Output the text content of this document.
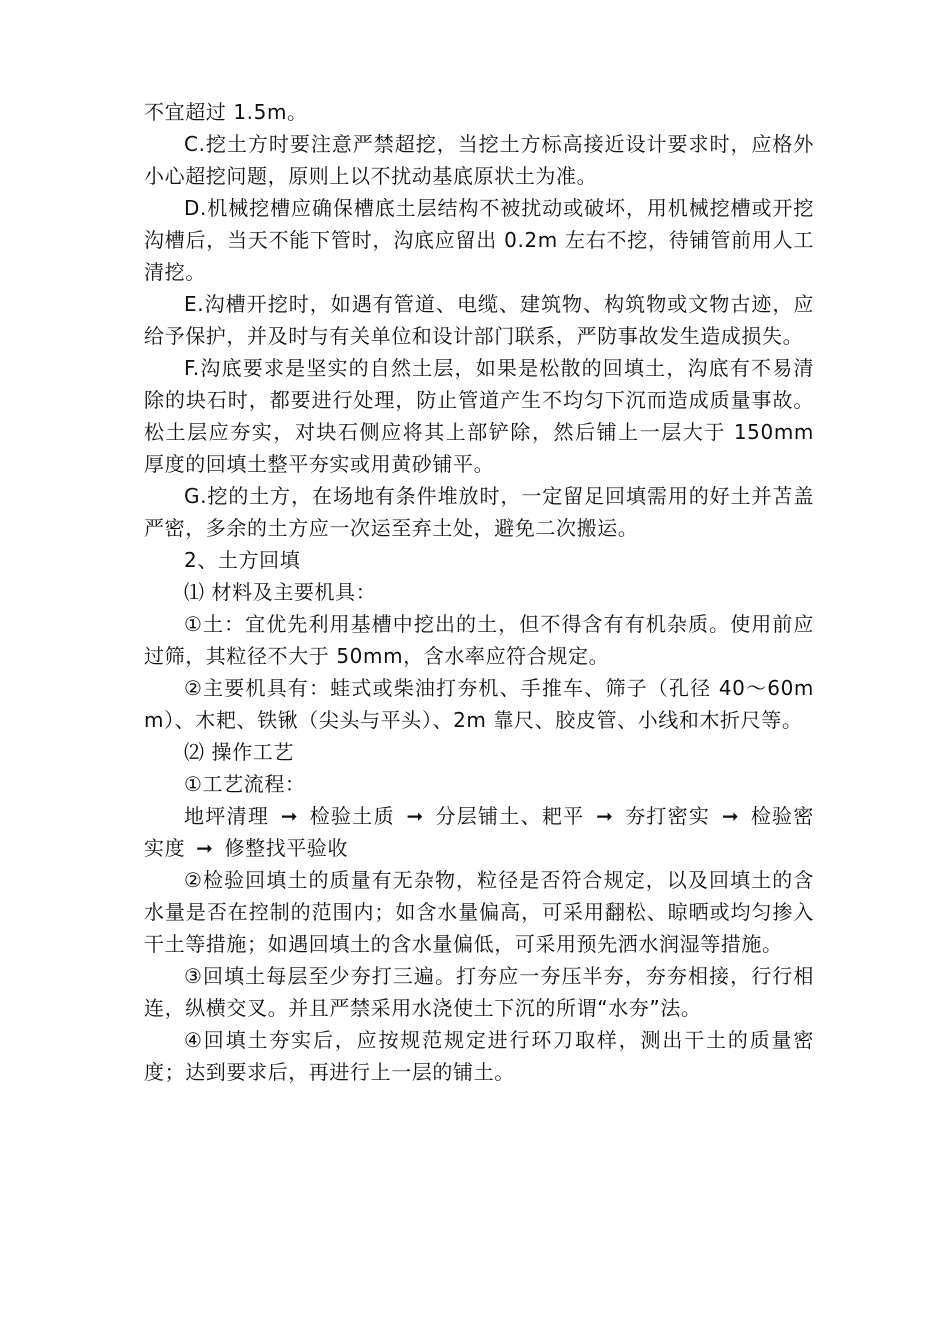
不宜超过 1.5m。

C.挖土方时要注意严禁超挖，当挖土方标高接近设计要求时，应格外小心超挖问题，原则上以不扰动基底原状土为准。

D.机械挖槽应确保槽底土层结构不被扰动或破坏，用机械挖槽或开挖沟槽后，当天不能下管时，沟底应留出 0.2m 左右不挖，待铺管前用人工清挖。

E.沟槽开挖时，如遇有管道、电缆、建筑物、构筑物或文物古迹，应给予保护，并及时与有关单位和设计部门联系，严防事故发生造成损失。

F.沟底要求是坚实的自然土层，如果是松散的回填土，沟底有不易清除的块石时，都要进行处理，防止管道产生不均匀下沉而造成质量事故。松土层应夯实，对块石侧应将其上部铲除，然后铺上一层大于 150mm 厚度的回填土整平夯实或用黄砂铺平。

G.挖的土方，在场地有条件堆放时，一定留足回填需用的好土并苫盖严密，多余的土方应一次运至弃土处，避免二次搬运。

2、土方回填

⑴ 材料及主要机具：

①土：宜优先利用基槽中挖出的土，但不得含有有机杂质。使用前应过筛，其粒径不大于 50mm，含水率应符合规定。

②主要机具有：蛙式或柴油打夯机、手推车、筛子（孔径 40～60mm）、木耙、铁锹（尖头与平头）、2m 靠尺、胶皮管、小线和木折尺等。

⑵ 操作工艺

①工艺流程：

地坪清理 ➞ 检验土质 ➞ 分层铺土、耙平 ➞ 夯打密实 ➞ 检验密实度 ➞ 修整找平验收

②检验回填土的质量有无杂物，粒径是否符合规定，以及回填土的含水量是否在控制的范围内；如含水量偏高，可采用翻松、晾晒或均匀掺入干土等措施；如遇回填土的含水量偏低，可采用预先洒水润湿等措施。

③回填土每层至少夯打三遍。打夯应一夯压半夯，夯夯相接，行行相连，纵横交叉。并且严禁采用水浇使土下沉的所谓“水夯”法。

④回填土夯实后，应按规范规定进行环刀取样，测出干土的质量密度；达到要求后，再进行上一层的铺土。
